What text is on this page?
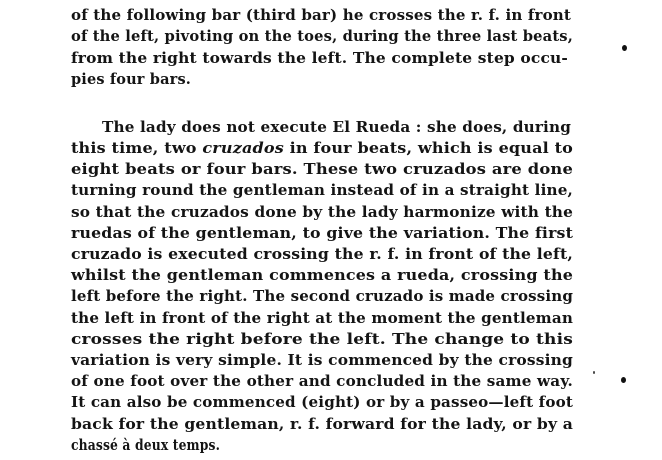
of the following bar (third bar) he crosses the r. f. in front

of the left, pivoting on the toes, during the three last beats,

from the right towards the left. The complete step occu-

pies four bars.

The lady does not execute El Rueda : she does, during

this time, two cruzados in four beats, which is equal to

eight beats or four bars. These two cruzados are done

turning round the gentleman instead of in a straight line,

so that the cruzados done by the lady harmonize with the

ruedas of the gentleman, to give the variation. The first

cruzado is executed crossing the r. f. in front of the left,

whilst the gentleman commences a rueda, crossing the

left before the right. The second cruzado is made crossing

the left in front of the right at the moment the gentleman

crosses the right before the left. The change to this

variation is very simple. It is commenced by the crossing

of one foot over the other and concluded in the same way.

It can also be commenced (eight) or by a passeo—left foot

back for the gentleman, r. f. forward for the lady, or by a

chassé à deux temps.
